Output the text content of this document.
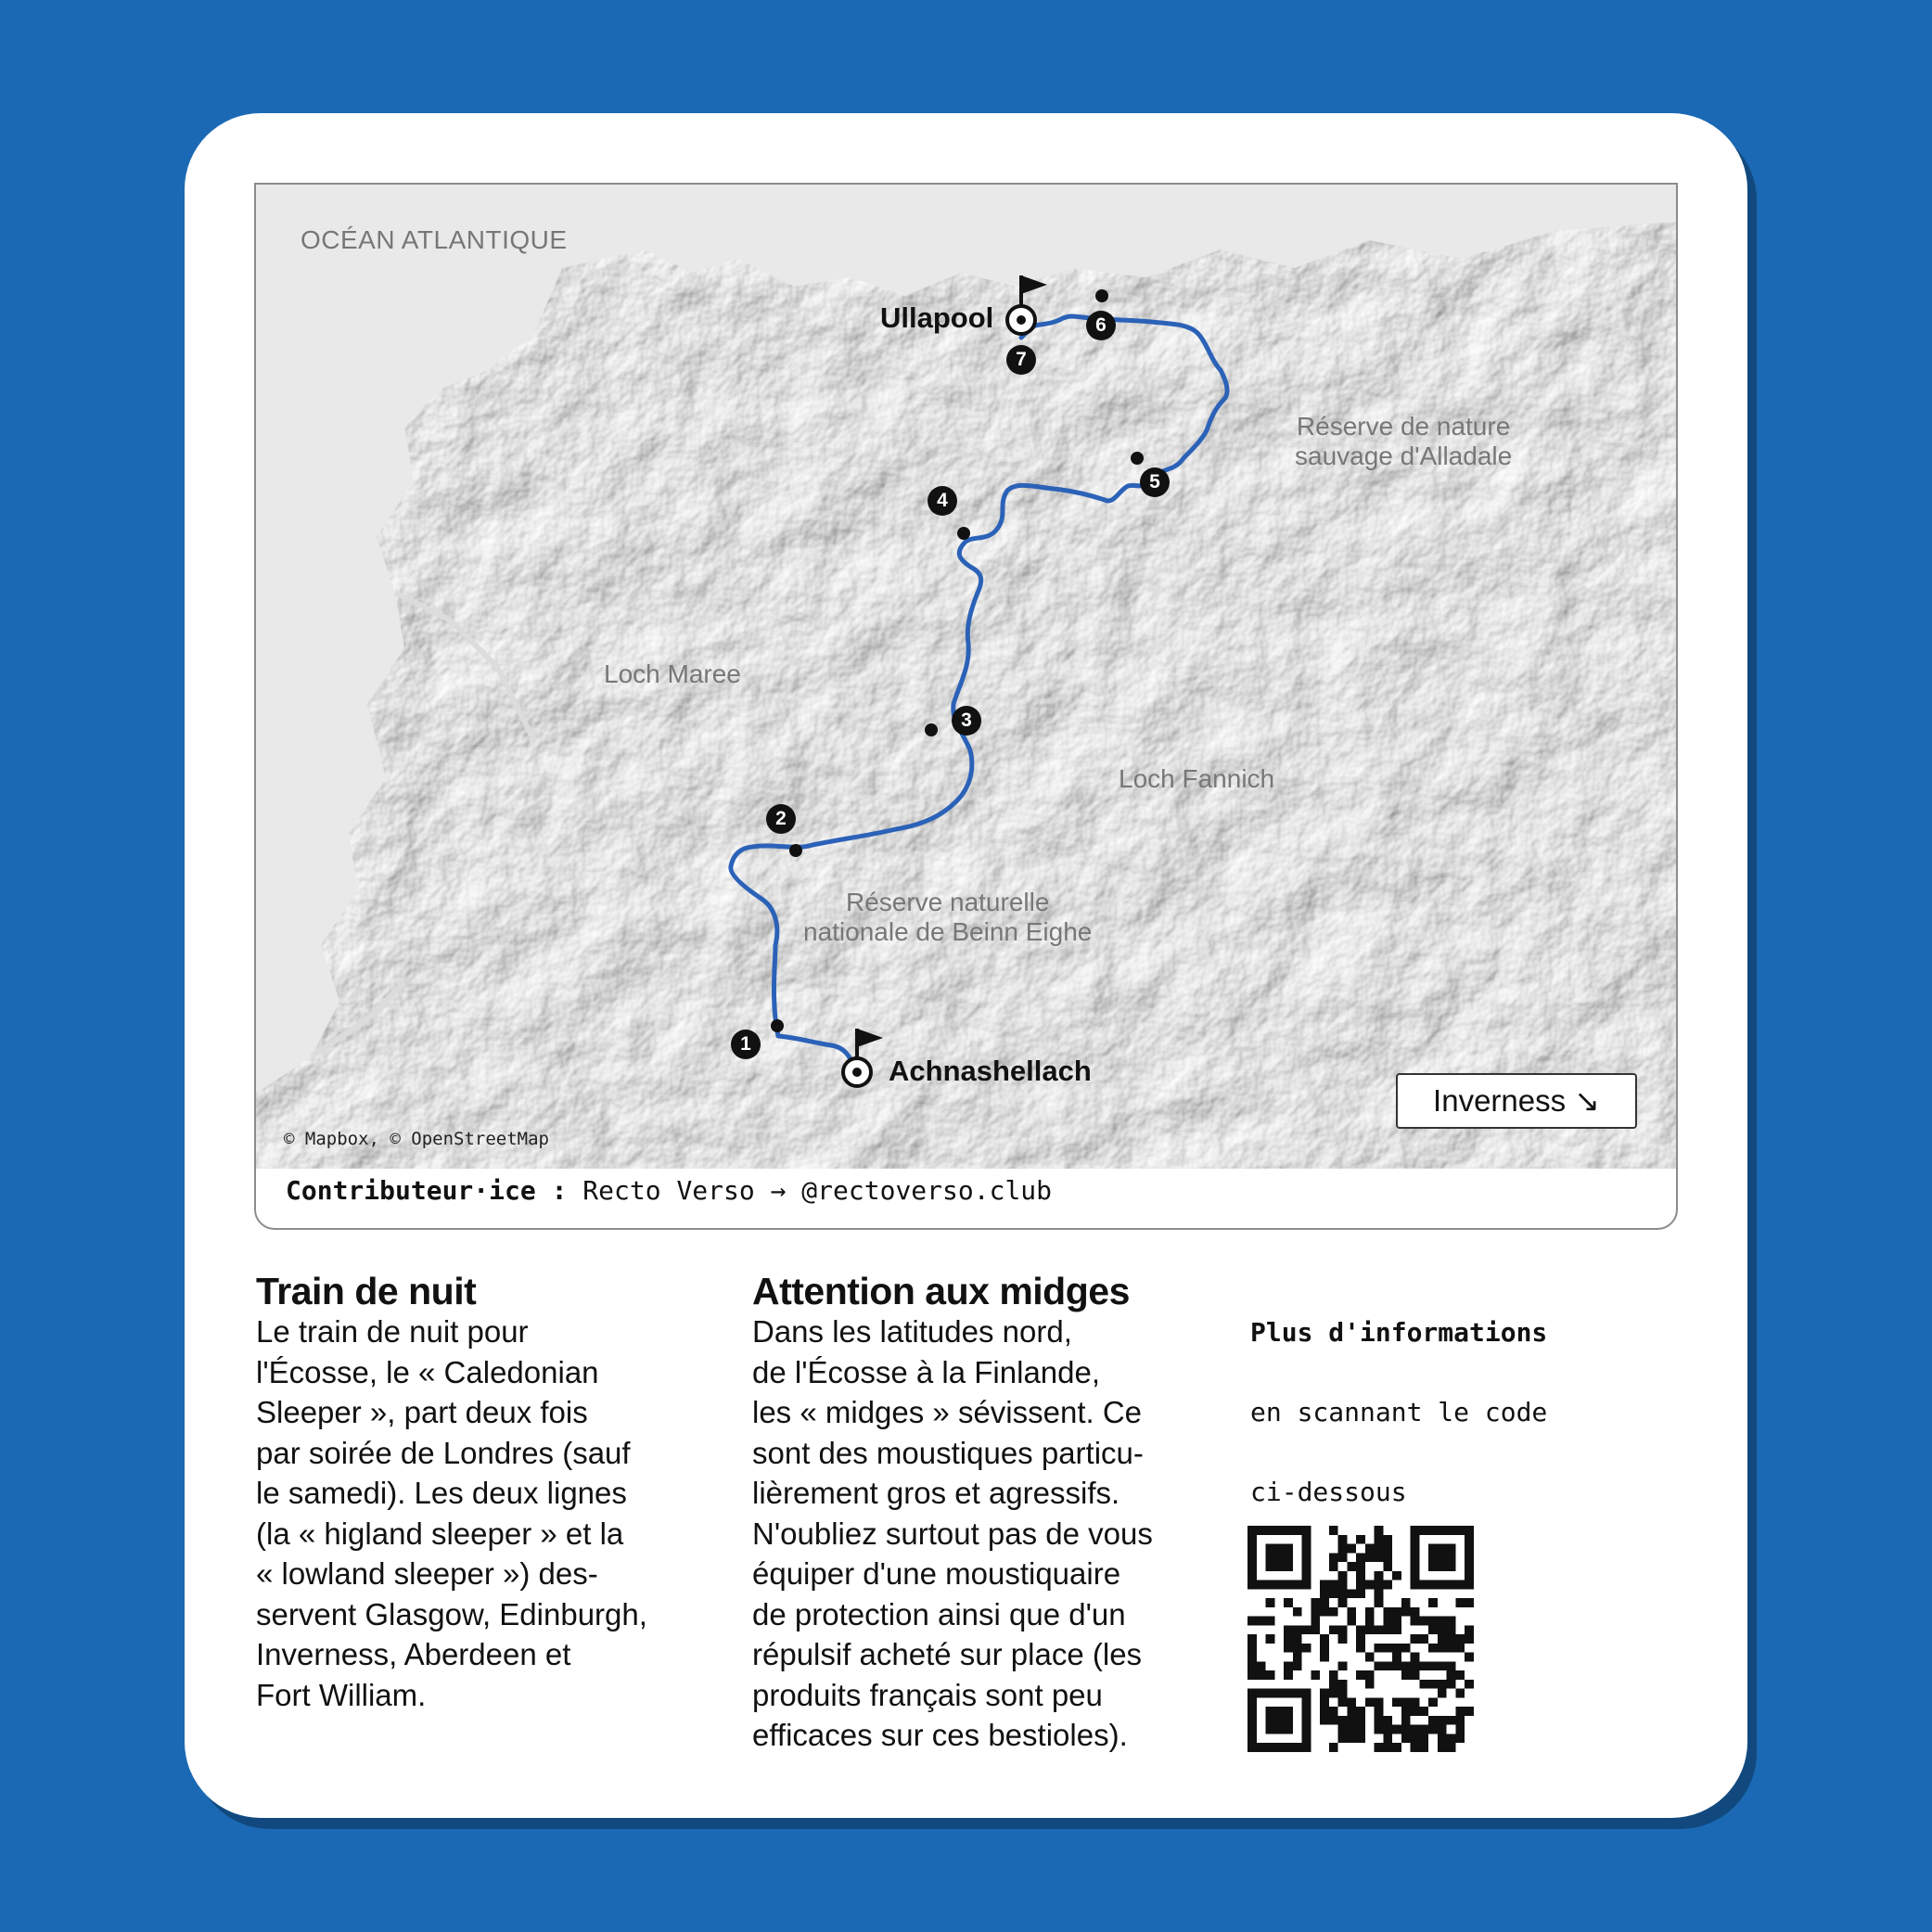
OCÉAN ATLANTIQUE
Loch Maree
Loch Fannich
Réserve de nature
sauvage d'Alladale
Réserve naturelle
nationale de Beinn Eighe
Achnashellach
Ullapool
1
2
3
4
5
6
7
Inverness ↘
© Mapbox, © OpenStreetMap
Contributeur·ice : Recto Verso → @rectoverso.club
Train de nuit

Le train de nuit pour
l'Écosse, le « Caledonian
Sleeper », part deux fois
par soirée de Londres (sauf
le samedi). Les deux lignes
(la « higland sleeper » et la
« lowland sleeper ») des-
servent Glasgow, Edinburgh,
Inverness, Aberdeen et
Fort William.

Attention aux midges

Dans les latitudes nord,
de l'Écosse à la Finlande,
les « midges » sévissent. Ce
sont des moustiques particu-
lièrement gros et agressifs.
N'oubliez surtout pas de vous
équiper d'une moustiquaire
de protection ainsi que d'un
répulsif acheté sur place (les
produits français sont peu
efficaces sur ces bestioles).

Plus d'informations

en scannant le code

ci-dessous
